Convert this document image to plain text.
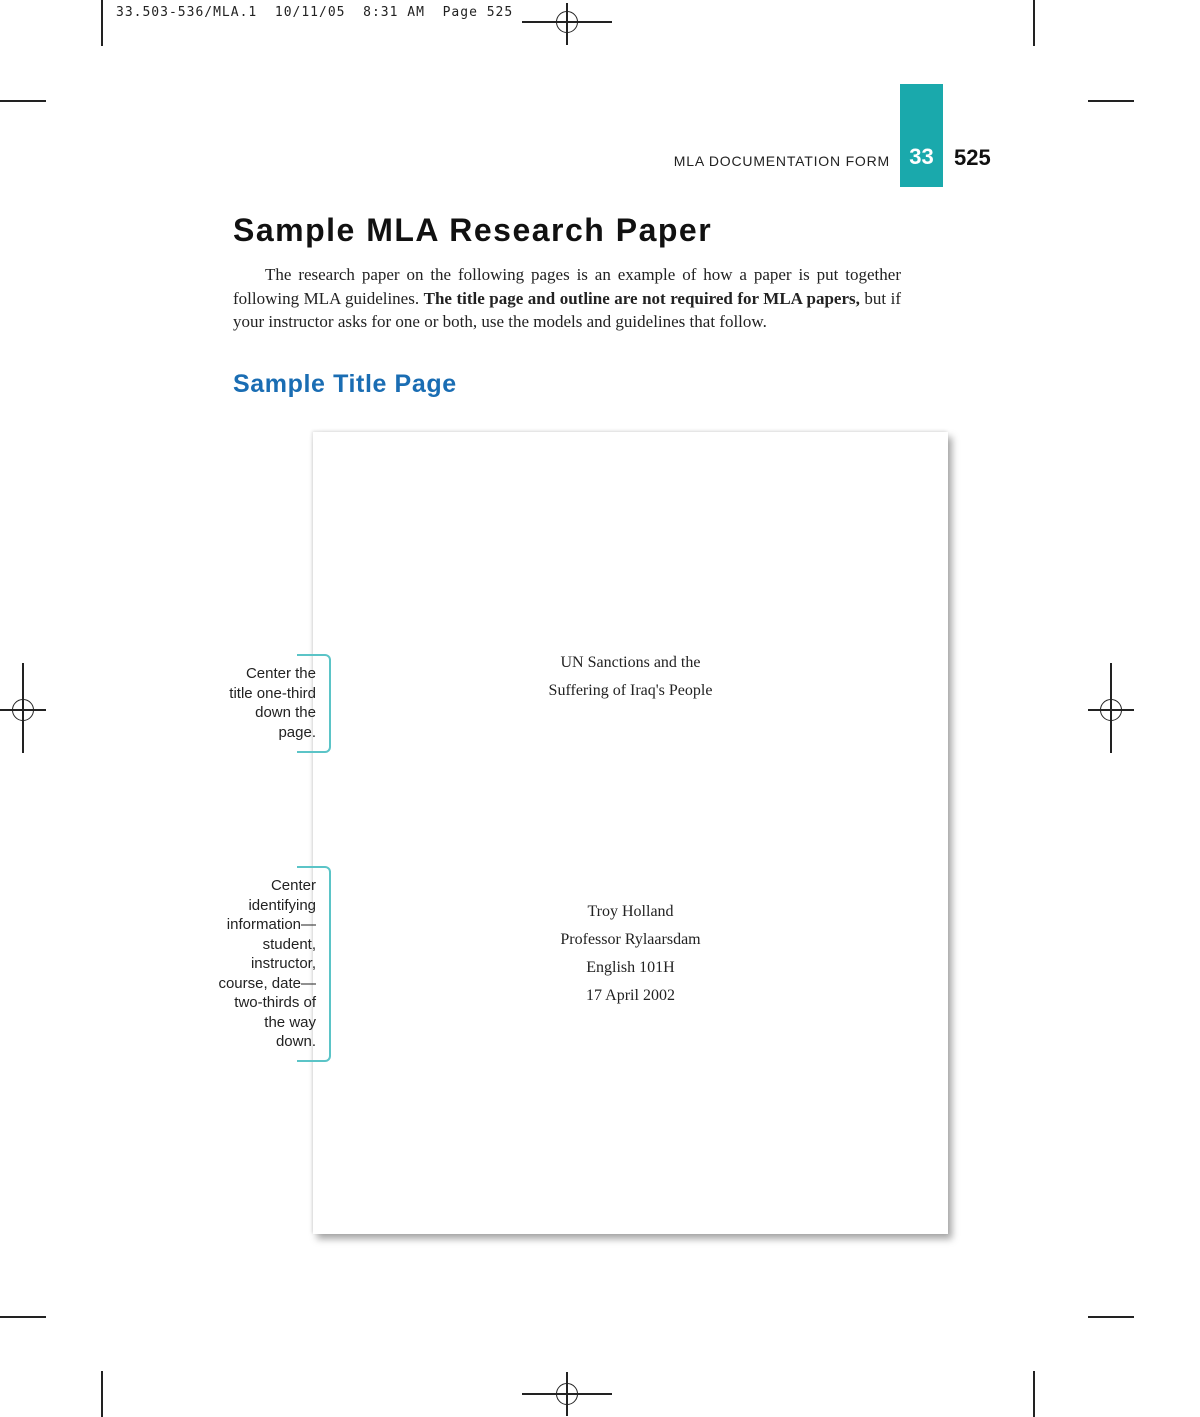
33.503-536/MLA.1  10/11/05  8:31 AM  Page 525
MLA DOCUMENTATION FORM 33 525
Sample MLA Research Paper
The research paper on the following pages is an example of how a paper is put together following MLA guidelines. The title page and outline are not required for MLA papers, but if your instructor asks for one or both, use the models and guidelines that follow.
Sample Title Page
UN Sanctions and the
Suffering of Iraq's People
Troy Holland
Professor Rylaarsdam
English 101H
17 April 2002
Center the
title one-third
down the
page.
Center
identifying
information—
student,
instructor,
course, date—
two-thirds of
the way
down.
